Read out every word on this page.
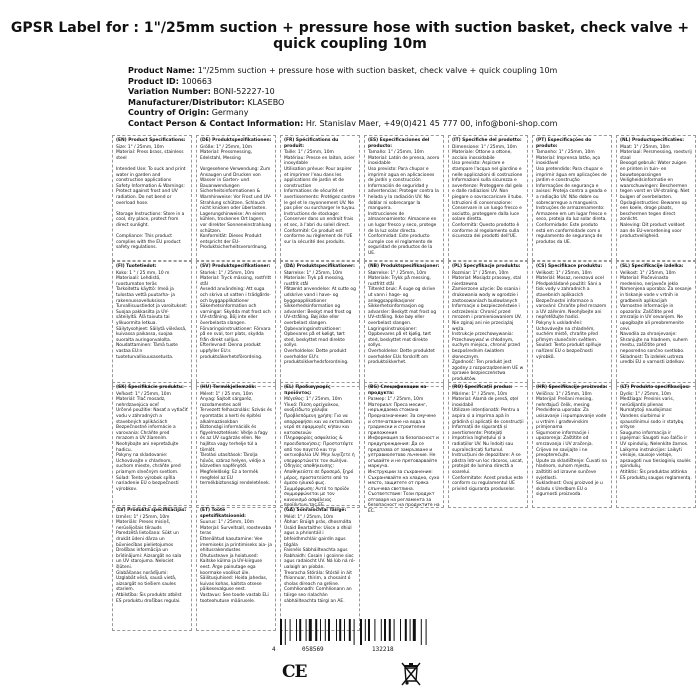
GPSR Label for : 1"/25mm suction + pressure hose with suction basket, check valve + quick coupling 10m
Product Name: 1"/25mm suction + pressure hose with suction basket, check valve + quick coupling 10m
Product ID: 100663
Variation Number: BONI-52227-10
Manufacturer/Distributor: KLASEBO
Country of Origin: Germany
Contact Person & Contact Information: Hr. Stanislav Maer, +49(0)421 45 777 00, info@boni-shop.com
(EN) Product Specifications:
Size: 1" / 25mm, 10m
Material: Press brass, stainless steel

Intended Use: To suck and print water in garden and construction applications
Safety Information & Warnings: Protect against frost and UV radiation. Do not bend or overload hose.

Storage Instructions: Store in a cool, dry place, protect from direct sunlight.

Compliance: This product complies with the EU product safety regulations.
(DE) Produktspezifikationen:
Größe: 1" / 25mm, 10m
Material: Pressmessing, Edelstahl, Messing

Vorgesehene Verwendung: Zum Ansaugen und Drucken von Wasser in Garten- und Bauanwendungen
Sicherheitsinformationen & Warnhinweise: Vor Frost und UV-Strahlung schützen. Schlauch nicht knicken oder überlasten.
Lagerungshinweise: An einem kühlen, trockenen Ort lagern, vor direkter Sonneneinstrahlung schützen.
Konformität: Dieses Produkt entspricht der EU-Produktsicherheitsverordnung.
(FR) Spécifications du produit:
Taille: 1" / 25mm, 10m
Matériau: Presse en laiton, acier inoxydable
Utilisation prévue: Pour aspirer et imprimer l'eau dans les applications de jardin et de construction
Informations de sécurité et avertissements: Protégez contre le gel et le rayonnement UV. Ne pas plier ou surcharger le tuyau.
Instructions de stockage: Conserver dans un endroit frais et sec, à l'abri du soleil direct.
Conformité: Ce produit est conforme au règlement de l'UE sur la sécurité des produits.
(ES) Especificaciones del producto:
Tamaño: 1" / 25mm, 10m
Material: Latón de prensa, acero inoxidable
Uso previsto: Para chupar e imprimir agua en aplicaciones de jardín y construcción
Información de seguridad y advertencias: Proteger contra la helada y la radiación UV. No doblar ni sobrecargar la manguera.
Instrucciones de almacenamiento: Almacene en un lugar fresco y seco, protege de la luz solar directa.
Conformidad: Este producto cumple con el reglamento de seguridad de productos de la UE.
(IT) Specifiche del prodotto:
Dimensione: 1" / 25mm, 10m
Materiale: Ottone a ottone, acciaio inossidabile
Uso previsto: Aspirare e stampare l'acqua nel giardino e nelle applicazioni di costruzione
Informazioni sulla sicurezza e avvertenze: Proteggere dal gelo e dalle radiazioni UV. Non piegare o sovraccaricare il tubo.
Istruzioni di conservazione: Conservare in un luogo fresco e asciutto, proteggere dalla luce solare diretta.
Conformità: Questo prodotto è conforme al regolamento sulla sicurezza dei prodotti dell'UE.
(PT) Especificações do produto:
Tamanho: 1" / 25mm, 10m
Material: Imprensa latão, aço inoxidável
Uso pretendido: Para chupar e imprimir água em aplicações de jardim e construção
Informações de segurança e avisos: Proteja contra a geada e a radiação UV. Não dobre ou sobrecarregue a mangueira.
Instruções de armazenamento: Armazene em um lugar fresco e seco, proteja da luz solar direta.
Conformidade: Este produto está em conformidade com o regulamento de segurança de produtos da UE.
(NL) Productspecificaties:
Maat: 1" / 25mm, 10m
Materiaal: Persmessing, roestvrij staal
Beoogd gebruik: Water zuigen en printen in tuin- en bouwtoepassingen
Veiligheidsinformatie en waarschuwingen: Beschermen tegen vorst en UV-straling. Niet buigen of overbelasten.
Opslaginstructies: Bewaren op een koele, droge plaats, beschermen tegen direct zonlicht.
Naleving: Dit product voldoet aan de EU-verordening voor productveiligheid.
(FI) Tuotetiedot:
Koko: 1 " / 25 mm, 10 m
Materiaali: Lehdistö, ruostumaton teräs
Tarkoitettu käyttö: Imeä ja tulostaa vettä puutarha- ja rakennussovelluksissa
Turvallisuustiedot ja varoitukset: Suojaa pakkasilta ja UV-säteilyltä. Älä taivuta tai ylikuormita letkua.
Säilytysohjeet: Säilytä viileässä, kuivassa paikassa, suojaa suoralta auringonvalolta.
Noudattaminen: Tämä tuote vastaa EU:n tuoteturvallisuusasetusta.
(SV) Produktspecifikationer:
Storlek: 1" / 25mm, 10m
Material: Tryck mässing, rostfritt stål
Avsedd användning: Att suga och skriva ut vatten i trädgårds- och byggapplikationer
Säkerhetsinformation och varningar: Skydda mot frost och UV-strålning. Böj inte eller överbelasta slangen.
Förvaringsinstruktioner: Förvara på en sval, torr plats, skydda från direkt solljus.
Efterlevnad: Denna produkt uppfyller EU:s produktsäkerhetsförordning.
(DA) Produktspecifikationer:
Størrelse: 1" / 25mm, 10m
Materiale: Tryk på messing, rustfrit stål
Påtænkt anvendelse: At sutte og udskrive vand i have- og byggeapplikationer
Sikkerhedsinformation og advarsler: Beskyt mod frost og UV-stråling. Bøj ikke eller overbelast slangen.
Opbevaringsinstruktioner: Opbevares på et køligt, tørt sted, beskyttet mod direkte sollys.
Overholdelse: Dette produkt overholder EU's produktsikkerhedsforordning.
(NB) Produktspesifikasjoner:
Størrelse: 1" / 25mm, 10m
Materiale: Trykk på messing, rustfritt stål
Tiltenkt bruk: Å suge og skrive ut vann i hage- og anleggsapplikasjoner
Sikkerhetsinformasjon og advarsler: Beskytt mot frost og UV-stråling. Ikke bøy eller overbelast slangen.
Lagringsinstruksjoner: Oppbevares på et kjølig, tørt sted, beskyttet mot direkte sollys.
Overholdelse: Dette produktet overholder EUs forskrift om produktsikkerhet.
(PL) Specyfikacje produktu:
Rozmiar: 1" / 25mm, 10m
Materiał: Mosiądz prasowy, stal nierdzewna
Zamierzone użycie: Do ssania i drukowania wody w ogrodzie i zastosowaniach budowlanych
Informacje o bezpieczeństwie i ostrzeżenia: Chronić przed mrozem i promieniowaniem UV. Nie zginaj ani nie przeciążaj węża.
Instrukcje przechowywania: Przechowywać w chłodnym, suchym miejscu, chronić przed bezpośrednim światłem słonecznym.
Zgodność: Ten produkt jest zgodny z rozporządzeniem UE w sprawie bezpieczeństwa produktów.
(CS) Specifikace produktu:
Velikost: 1" / 25mm, 10m
Materiál: Mosaz, nerezová ocel
Předpokládané použití: Sání a tisk vody v zahradních a stavebních aplikacích
Bezpečnostní informace a varování: Chraňte před mrazem a UV zářením. Neohýbejte ani nepřetěžujte hadici.
Pokyny k uskladnění: Uchovávejte na chladném, suchém místě, chraňte před přímým slunečním světlem.
Soulad: Tento produkt splňuje nařízení EU o bezpečnosti výrobků.
(SL) Specifikacije izdelka:
Velikost: 1" / 25mm, 10m
Material: Pločevinasto medenino, nerjaveče jeklo
Namenjena uporaba: Za sesanje in tiskanje vode v vrtnih in gradbenih aplikacijah
Varnostne informacije in opozorila: Zaščitite pred zmrzaljo in UV sevanjem. Ne upogibajte ali preobremenite cevi.
Navodila za shranjevanje: Shranjujte na hladnem, suhem mestu, zaščitite pred neposredno sončno svetlobo.
Skladnost: Ta izdelek ustreza uredbi EU o varnosti izdelkov.
(SK) Špecifikácie produktu:
Veľkosť: 1" / 25mm, 10m
Materiál: Tlač mosadz, nehrdzavejúca oceľ
Určené použitie: Nasať a vytlačiť vodu v záhradných a stavebných aplikáciách
Bezpečnostné informácie a varovania: Chráňte pred mrazom a UV žiarením. Neohýbajte ani nepreťažujte hadicu.
Pokyny na skladovanie: Uchovávajte v chladnom, suchom mieste, chráňte pred priamym slnečným svetlom.
Súlad: Tento výrobok spĺňa nariadenie EÚ o bezpečnosti výrobkov.
(HU) Termékjellemzők:
Méret: 1" / 25 mm, 10m
Anyag: Sajtolt sárgaréz, rozsdamentes acél
Tervezett felhasználás: Szívás és nyomtatás a kerti és építési alkalmazásokban
Biztonsági információk és figyelmeztetések: Védje a fagy és az UV sugárzás ellen. Ne hajlítsa vagy terhelje túl a tömlőt.
Tárolási utasítások: Tárolja hűvös, száraz helyen, védje a közvetlen napfénytől.
Megfelelőség: Ez a termék megfelel az EU termékbiztonsági rendeletének.
(EL) Προδιαγραφές προϊόντος:
Μέγεθος: 1" / 25mm, 10m
Υλικό: Πίεση ορείχαλκου, ανοξείδωτο χάλυβα
Προβλεπόμενη χρήση: Για να απορροφήσει και να εκτυπώσει νερό σε εφαρμογές κήπου και κατασκευών
Πληροφορίες ασφαλείας & προειδοποιήσεις: Προστατέψτε από τον παγετό και την ακτινοβολία UV. Μην λυγίζετε ή υπερφορτώνετε τον σωλήνα.
Οδηγίες αποθήκευσης: Αποθηκεύστε σε δροσερό, ξηρό μέρος, προστατεύστε από το άμεσο ηλιακό φως.
Συμμόρφωση: Αυτό το προϊόν συμμορφώνεται με τον κανονισμό ασφάλειας προϊόντων της ΕΕ.
(BG) Спецификации на продукта:
Размер: 1" / 25mm, 10m
Материал: Преса месинг, неръждаема стомана
Предназначение: За смучене и отпечатване на вода в градински и строителни приложения
Информация за безопасност и предупреждения: Да се предпазва от замръзване и ултравиолетово лъчение. Не огъвайте и не претоварвайте маркуча.
Инструкции за съхранение: Съхранявайте на хладно, сухо място, защитете от пряка слънчева светлина.
Съответствие: Този продукт отговаря на регламента за безопасност на продуктите на ЕС.
(RO) Specificații produs:
Mărime: 1" / 25mm, 10m
Material: Alamă de presă, oțel inoxidabil
Utilizare intenționată: Pentru a aspira și a imprima apă în grădină și aplicații de construcții
Informații de siguranță și avertismente: Protejați împotriva înghețului și a radiațiilor UV. Nu îndoiți sau supraîncărcați furtunul.
Instrucțiuni de depozitare: A se păstra într-un loc răcoros, uscat, protejat de lumina directă a soarelui.
Conformitate: Acest produs este conform cu regulamentul UE privind siguranța produselor.
(HR) Specifikacije proizvoda:
Veličina: 1" / 25mm, 10m
Materijal: Prešani mesing, nehrđajući čelik, mesing
Predviđena uporaba: Za usisavanje i ispumpavanje vode u vrtnim i građevinskim primjenama
Sigurnosne informacije i upozorenja: Zaštitite od smrzavanja i UV zračenja. Crijevo ne savijajte i ne preopterećujte.
Upute za skladištenje: Čuvati na hladnom, suhom mjestu, zaštititi od izravne sunčeve svjetlosti.
Sukladnost: Ovaj proizvod je u skladu s Uredbom EU o sigurnosti proizvoda.
(LT) Produkto specifikacijos:
Dydis: 1" / 25mm, 10m
Medžiaga: Presinis varis, nerūdijantis plienas
Numatytoji naudojimas: Vandens siurbimui ir spausdinimui sodo ir statybų srityse
Saugumo informacija ir įspėjimai: Saugoti nuo šalčio ir UV spindulių. Nelenkite žarnos.
Laikymo instrukcijos: Laikyti vėsioje, sausoje vietoje, apsaugoti nuo tiesioginių saulės spindulių.
Atitiktis: Šis produktas atitinka ES produktų saugos reglamentą.
(LV) Produkta specifikācijas:
Izmērs: 1" / 25mm, 10m
Materiāls: Preses misiņš, nerūsējošais tērauds
Paredzētā lietošana: Sūkt un drukāt ūdeni dārza un būvniecības pielietojumos
Drošības informācija un brīdinājumi: Aizsargāt no sala un UV starojuma. Nelociet šļūteni.
Glabāšanas norādījumi: Uzglabāt vēsā, sausā vietā, aizsargāt no tiešiem saules stariem.
Atbilstība: Šis produkts atbilst ES produktu drošības regulai.
(ET) Toote spetsifikatsioonid:
Suurus: 1" / 25mm, 10m
Materjal: Surveltsall, roostevaba teras
Ettenähtud kasutamine: Vee imemiseks ja printimiseks aia- ja ehitusrakendustes
Ohutusteave ja hoiatused: Kaitske külma ja UV-kiirguse eest. Ärge painutage ega koormake voolikut üle.
Säilitusjuhised: Hoida jahedas, kuivas kohas, kaitsta otsese päikesevalguse eest.
Vastavus: See toode vastab ELi tooteohutuse määrusele.
(GA) Sonraíochtaí Táirge:
Méid: 1" / 25mm, 10m
Ábhar: Brúigh prás, dhosmálta
Úsáid Beartaithe: Uisce a dhiúl agus a phriontáil i bhfeidhmchláir gairdín agus tógála
Faisnéis Sábháilteachta agus Rabhaidh: Cosain i gcoinne sioc agus radaíocht UV. Ná lúb ná ró-ualaigh an píobán.
Treoracha Stórála: Stóráil in áit fhionnuar, thirim, a chosaint ó sholas díreach na gréine.
Comhlíonadh: Comhlíonann an táirge seo rialachán sábháilteachta táirgí an AE.
4	058569	132218
CE
